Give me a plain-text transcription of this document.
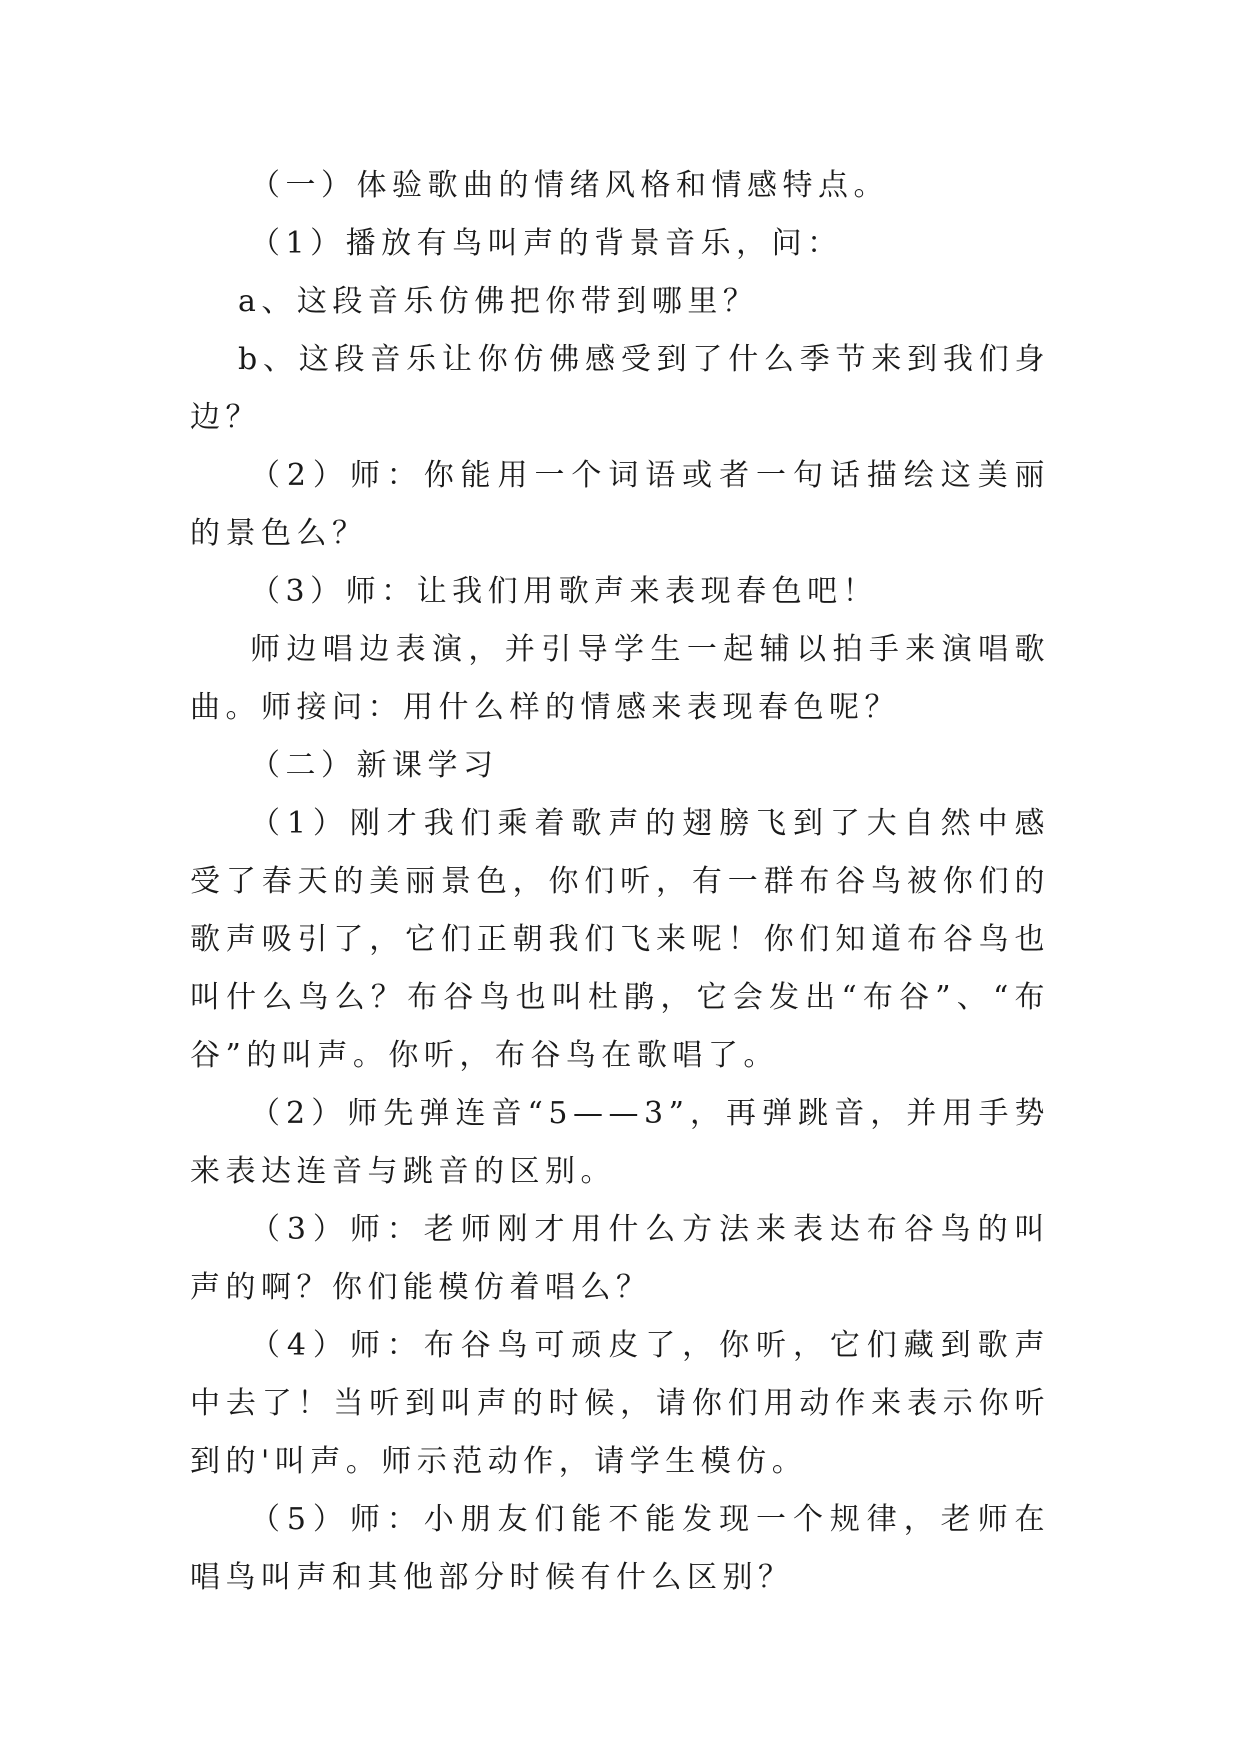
（一）体验歌曲的情绪风格和情感特点。

（1）播放有鸟叫声的背景音乐，问：

a、这段音乐仿佛把你带到哪里？

b、这段音乐让你仿佛感受到了什么季节来到我们身边？

（2）师：你能用一个词语或者一句话描绘这美丽的景色么？

（3）师：让我们用歌声来表现春色吧！

师边唱边表演，并引导学生一起辅以拍手来演唱歌曲。师接问：用什么样的情感来表现春色呢？

（二）新课学习

（1）刚才我们乘着歌声的翅膀飞到了大自然中感受了春天的美丽景色，你们听，有一群布谷鸟被你们的歌声吸引了，它们正朝我们飞来呢！你们知道布谷鸟也叫什么鸟么？布谷鸟也叫杜鹃，它会发出“布谷”、“布谷”的叫声。你听，布谷鸟在歌唱了。

（2）师先弹连音“5——3”，再弹跳音，并用手势来表达连音与跳音的区别。

（3）师：老师刚才用什么方法来表达布谷鸟的叫声的啊？你们能模仿着唱么？

（4）师：布谷鸟可顽皮了，你听，它们藏到歌声中去了！当听到叫声的时候，请你们用动作来表示你听到的'叫声。师示范动作，请学生模仿。

（5）师：小朋友们能不能发现一个规律，老师在唱鸟叫声和其他部分时候有什么区别？
